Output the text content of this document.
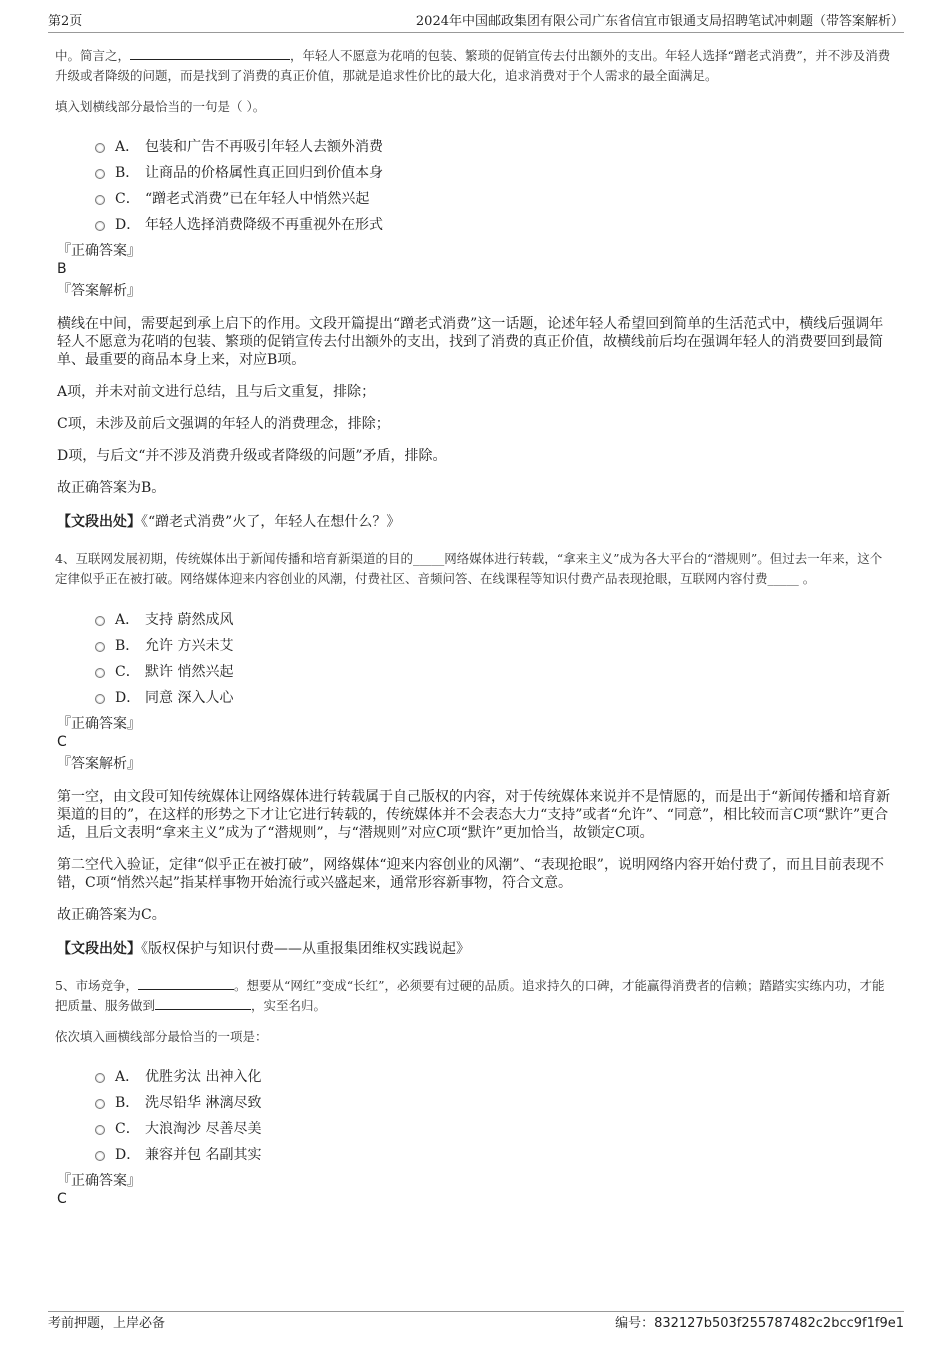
第2页	2024年中国邮政集团有限公司广东省信宜市银通支局招聘笔试冲刺题（带答案解析）

中。简言之，	，年轻人不愿意为花哨的包装、繁琐的促销宣传去付出额外的支出。年轻人选择“蹭老式消费”，并不涉及消费升级或者降级的问题，而是找到了消费的真正价值，那就是追求性价比的最大化，追求消费对于个人需求的最全面满足。

填入划横线部分最恰当的一句是（ ）。

A． 包装和广告不再吸引年轻人去额外消费
B． 让商品的价格属性真正回归到价值本身
C． “蹭老式消费”已在年轻人中悄然兴起
D． 年轻人选择消费降级不再重视外在形式

『正确答案』

B

『答案解析』

横线在中间，需要起到承上启下的作用。文段开篇提出“蹭老式消费”这一话题，论述年轻人希望回到简单的生活范式中，横线后强调年轻人不愿意为花哨的包装、繁琐的促销宣传去付出额外的支出，找到了消费的真正价值，故横线前后均在强调年轻人的消费要回到最简单、最重要的商品本身上来，对应B项。

A项，并未对前文进行总结，且与后文重复，排除；

C项，未涉及前后文强调的年轻人的消费理念，排除；

D项，与后文“并不涉及消费升级或者降级的问题”矛盾，排除。

故正确答案为B。

【文段出处】《“蹭老式消费”火了，年轻人在想什么？》

4、互联网发展初期，传统媒体出于新闻传播和培育新渠道的目的_____网络媒体进行转载，“拿来主义”成为各大平台的“潜规则”。但过去一年来，这个定律似乎正在被打破。网络媒体迎来内容创业的风潮，付费社区、音频问答、在线课程等知识付费产品表现抢眼，互联网内容付费_____ 。

A． 支持 蔚然成风
B． 允许 方兴未艾
C． 默许 悄然兴起
D． 同意 深入人心

『正确答案』

C

『答案解析』

第一空，由文段可知传统媒体让网络媒体进行转载属于自己版权的内容，对于传统媒体来说并不是情愿的，而是出于“新闻传播和培育新渠道的目的”，在这样的形势之下才让它进行转载的，传统媒体并不会表态大力“支持”或者“允许”、“同意”，相比较而言C项“默许”更合适，且后文表明“拿来主义”成为了“潜规则”，与“潜规则”对应C项“默许”更加恰当，故锁定C项。

第二空代入验证，定律“似乎正在被打破”，网络媒体“迎来内容创业的风潮”、“表现抢眼”，说明网络内容开始付费了，而且目前表现不错，C项“悄然兴起”指某样事物开始流行或兴盛起来，通常形容新事物，符合文意。

故正确答案为C。

【文段出处】《版权保护与知识付费——从重报集团维权实践说起》

5、市场竞争，	。想要从“网红”变成“长红”，必须要有过硬的品质。追求持久的口碑，才能赢得消费者的信赖；踏踏实实练内功，才能把质量、服务做到	，实至名归。

依次填入画横线部分最恰当的一项是：

A． 优胜劣汰 出神入化
B． 洗尽铅华 淋漓尽致
C． 大浪淘沙 尽善尽美
D． 兼容并包 名副其实

『正确答案』

C

考前押题，上岸必备	编号：832127b503f255787482c2bcc9f1f9e1
